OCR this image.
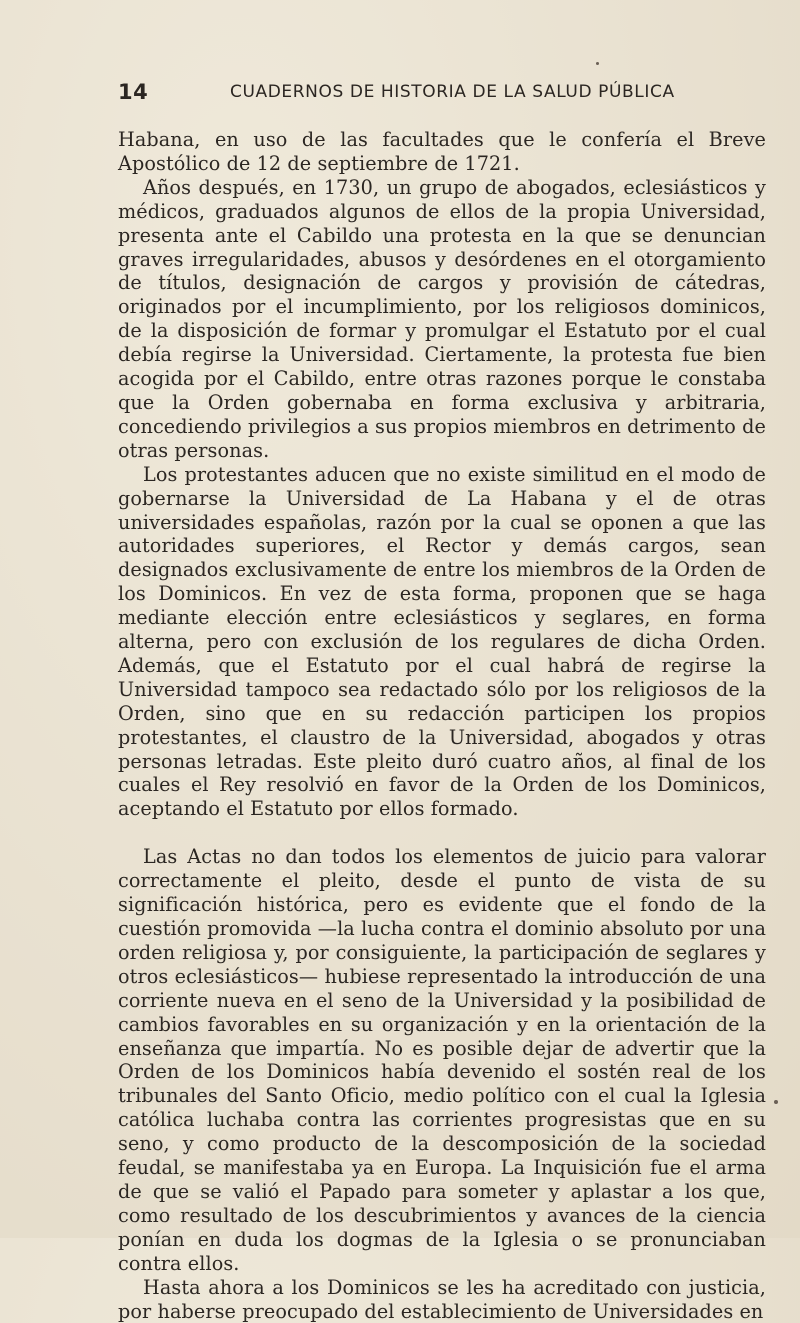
14	CUADERNOS DE HISTORIA DE LA SALUD PÚBLICA

Habana, en uso de las facultades que le confería el Breve Apostólico de 12 de septiembre de 1721.

Años después, en 1730, un grupo de abogados, eclesiásticos y médicos, graduados algunos de ellos de la propia Universidad, presenta ante el Cabildo una protesta en la que se denuncian graves irregularidades, abusos y desórdenes en el otorgamiento de títulos, designación de cargos y provisión de cátedras, originados por el incumplimiento, por los religiosos dominicos, de la disposición de formar y promulgar el Estatuto por el cual debía regirse la Universidad. Ciertamente, la protesta fue bien acogida por el Cabildo, entre otras razones porque le constaba que la Orden gobernaba en forma exclusiva y arbitraria, concediendo privilegios a sus propios miembros en detrimento de otras personas.

Los protestantes aducen que no existe similitud en el modo de gobernarse la Universidad de La Habana y el de otras universidades españolas, razón por la cual se oponen a que las autoridades superiores, el Rector y demás cargos, sean designados exclusivamente de entre los miembros de la Orden de los Dominicos. En vez de esta forma, proponen que se haga mediante elección entre eclesiásticos y seglares, en forma alterna, pero con exclusión de los regulares de dicha Orden. Además, que el Estatuto por el cual habrá de regirse la Universidad tampoco sea redactado sólo por los religiosos de la Orden, sino que en su redacción participen los propios protestantes, el claustro de la Universidad, abogados y otras personas letradas. Este pleito duró cuatro años, al final de los cuales el Rey resolvió en favor de la Orden de los Dominicos, aceptando el Estatuto por ellos formado.

Las Actas no dan todos los elementos de juicio para valorar correctamente el pleito, desde el punto de vista de su significación histórica, pero es evidente que el fondo de la cuestión promovida —la lucha contra el dominio absoluto por una orden religiosa y, por consiguiente, la participación de seglares y otros eclesiásticos— hubiese representado la introducción de una corriente nueva en el seno de la Universidad y la posibilidad de cambios favorables en su organización y en la orientación de la enseñanza que impartía. No es posible dejar de advertir que la Orden de los Dominicos había devenido el sostén real de los tribunales del Santo Oficio, medio político con el cual la Iglesia católica luchaba contra las corrientes progresistas que en su seno, y como producto de la descomposición de la sociedad feudal, se manifestaba ya en Europa. La Inquisición fue el arma de que se valió el Papado para someter y aplastar a los que, como resultado de los descubrimientos y avances de la ciencia ponían en duda los dogmas de la Iglesia o se pronunciaban contra ellos.

Hasta ahora a los Dominicos se les ha acreditado con justicia, por haberse preocupado del establecimiento de Universidades en
